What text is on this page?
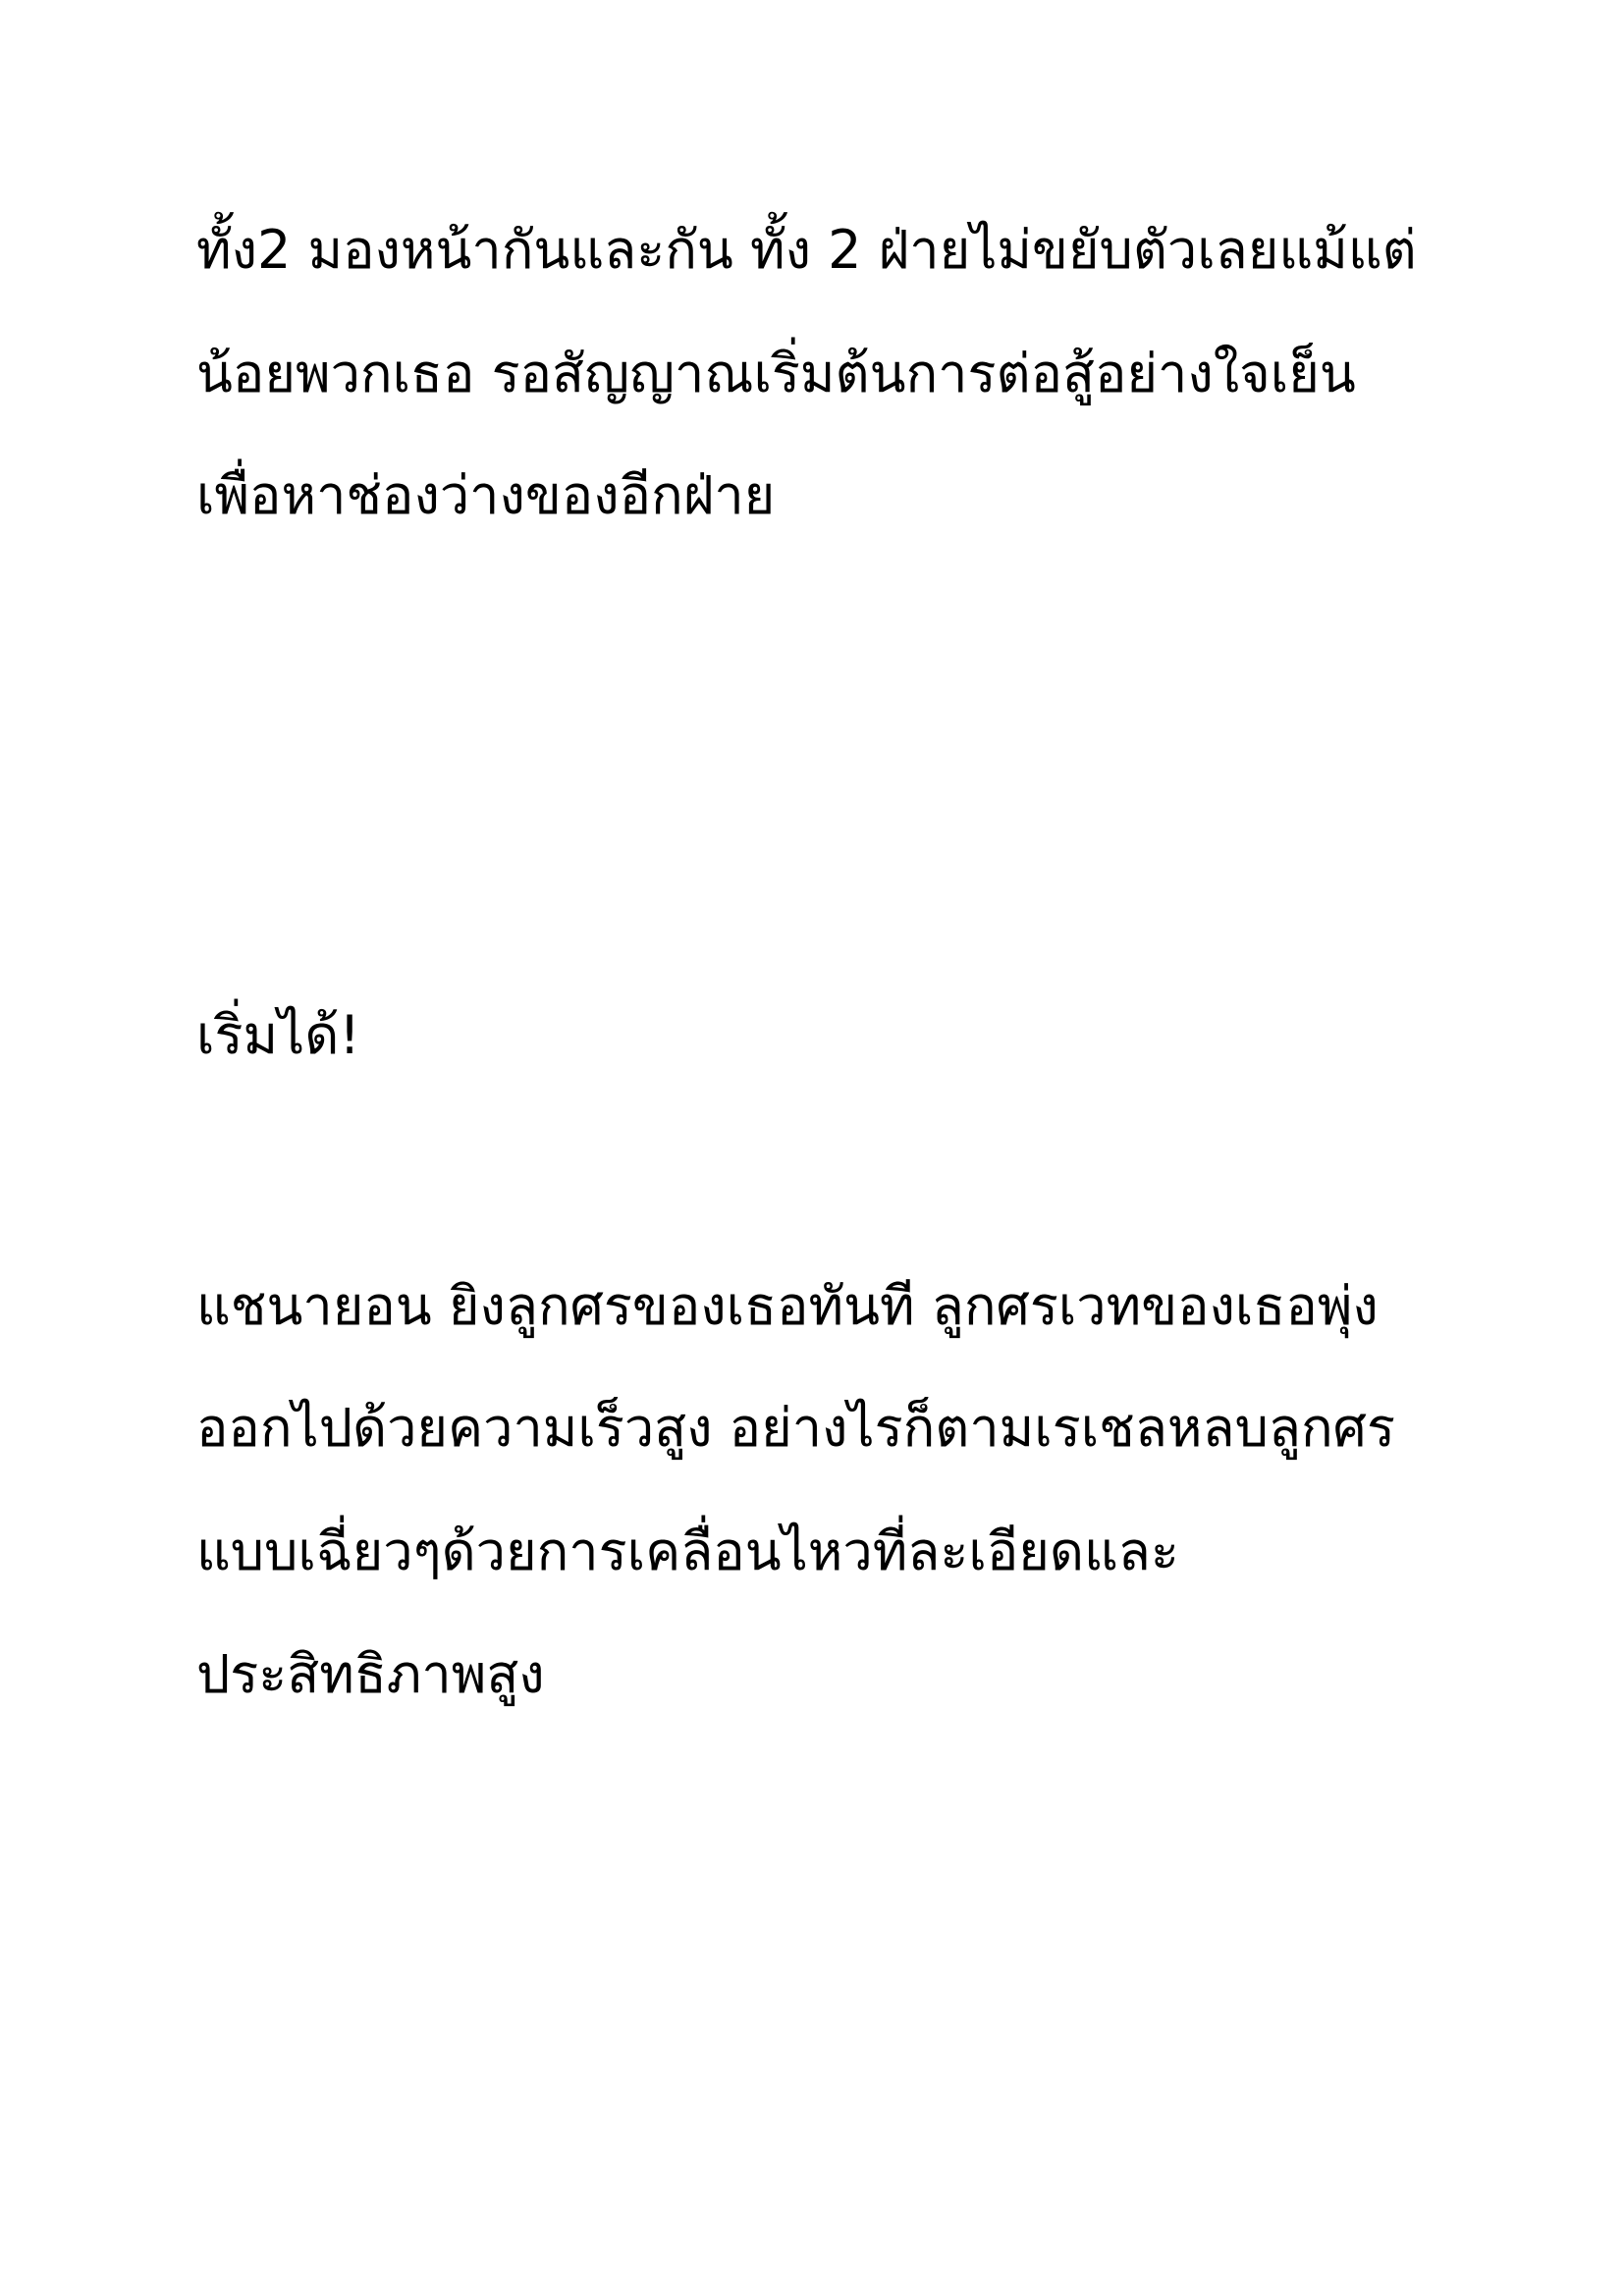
ทั้ง2 มองหน้ากันและกัน ทั้ง 2 ฝ่ายไม่ขยับตัวเลยแม้แต่

น้อยพวกเธอ รอสัญญาณเริ่มต้นการต่อสู้อย่างใจเย็น

เพื่อหาช่องว่างของอีกฝ่าย

เริ่มได้!

แชนายอน ยิงลูกศรของเธอทันที ลูกศรเวทของเธอพุ่ง

ออกไปด้วยความเร็วสูง อย่างไรก็ตามเรเชลหลบลูกศร

แบบเฉี่ยวๆด้วยการเคลื่อนไหวที่ละเอียดและ

ประสิทธิภาพสูง
